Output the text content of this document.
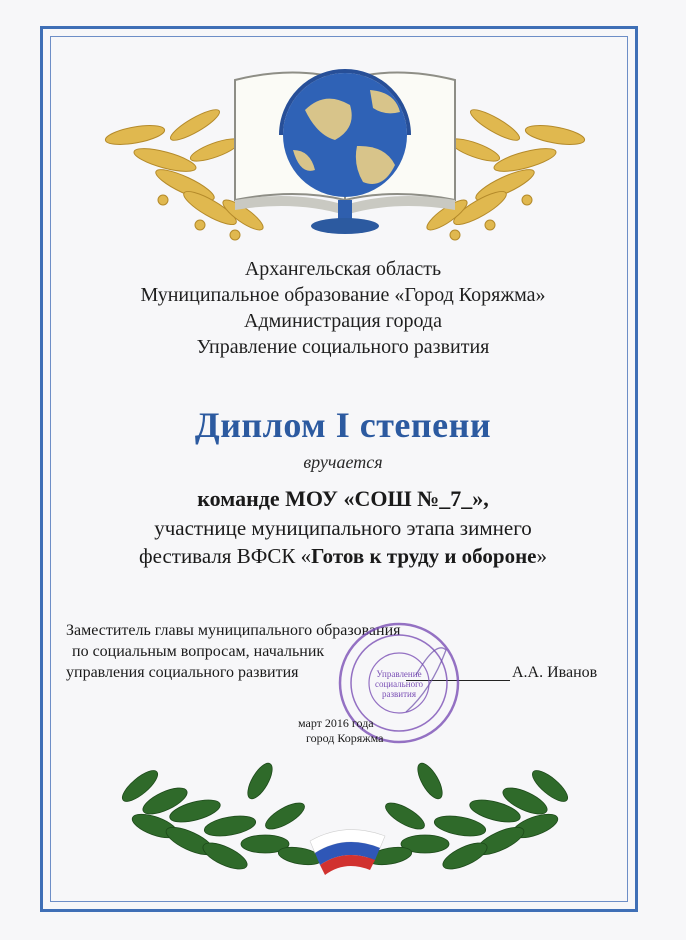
Архангельская область
Муниципальное образование «Город Коряжма»
Администрация города
Управление социального развития
Диплом I степени
вручается
команде МОУ «СОШ №_7_»,
участнице муниципального этапа зимнего
фестиваля ВФСК «Готов к труду и обороне»
Заместитель главы муниципального образования
по социальным вопросам, начальник
управления социального развития	А.А. Иванов
Управление
социального
развития
март 2016 года
город Коряжма
